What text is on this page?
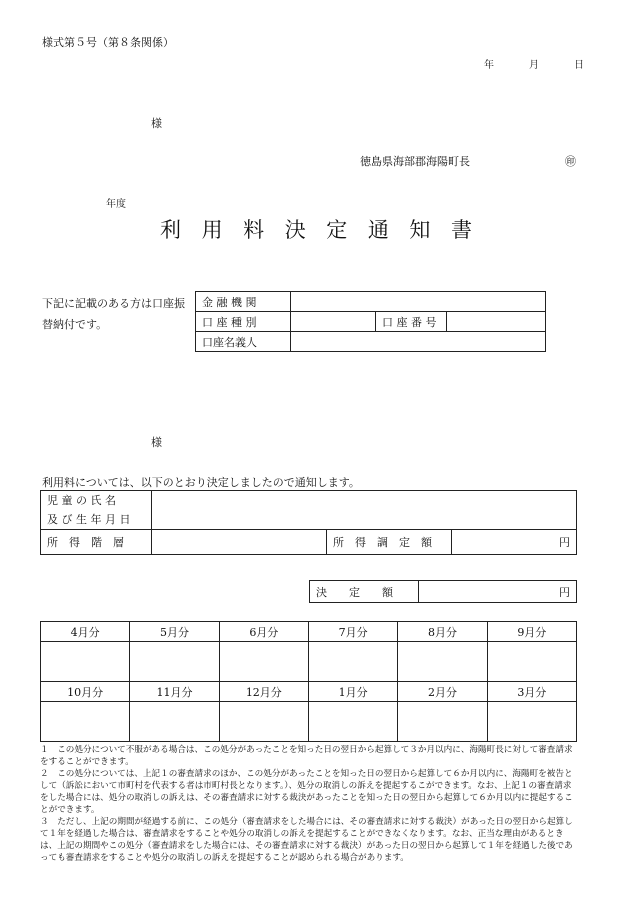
様式第５号（第８条関係）
年	月	日
様
徳島県海部郡海陽町長	㊞
年度
利 用 料 決 定 通 知 書
下記に記載のある方は口座振替納付です。
金 融 機 関			
口 座 種 別		口 座 番 号	
口座名義人			
様
利用料については、以下のとおり決定しましたので通知します。
児 童 の 氏 名
及 び 生 年 月 日			

所　得　階　層		所　得　調　定　額	円
決　　定　　額	円
4月分	5月分	6月分	7月分	8月分	9月分

10月分	11月分	12月分	1月分	2月分	3月分

１　この処分について不服がある場合は、この処分があったことを知った日の翌日から起算して３か月以内に、海陽町長に対して審査請求をすることができます。

２　この処分については、上記１の審査請求のほか、この処分があったことを知った日の翌日から起算して６か月以内に、海陽町を被告として（訴訟において市町村を代表する者は市町村長となります。）、処分の取消しの訴えを提起するこができます。なお、上記１の審査請求をした場合には、処分の取消しの訴えは、その審査請求に対する裁決があったことを知った日の翌日から起算して６か月以内に提起することができます。

３　ただし、上記の期間が経過する前に、この処分（審査請求をした場合には、その審査請求に対する裁決）があった日の翌日から起算して１年を経過した場合は、審査請求をすることや処分の取消しの訴えを提起することができなくなります。なお、正当な理由があるときは、上記の期間やこの処分（審査請求をした場合には、その審査請求に対する裁決）があった日の翌日から起算して１年を経過した後であっても審査請求をすることや処分の取消しの訴えを提起することが認められる場合があります。
